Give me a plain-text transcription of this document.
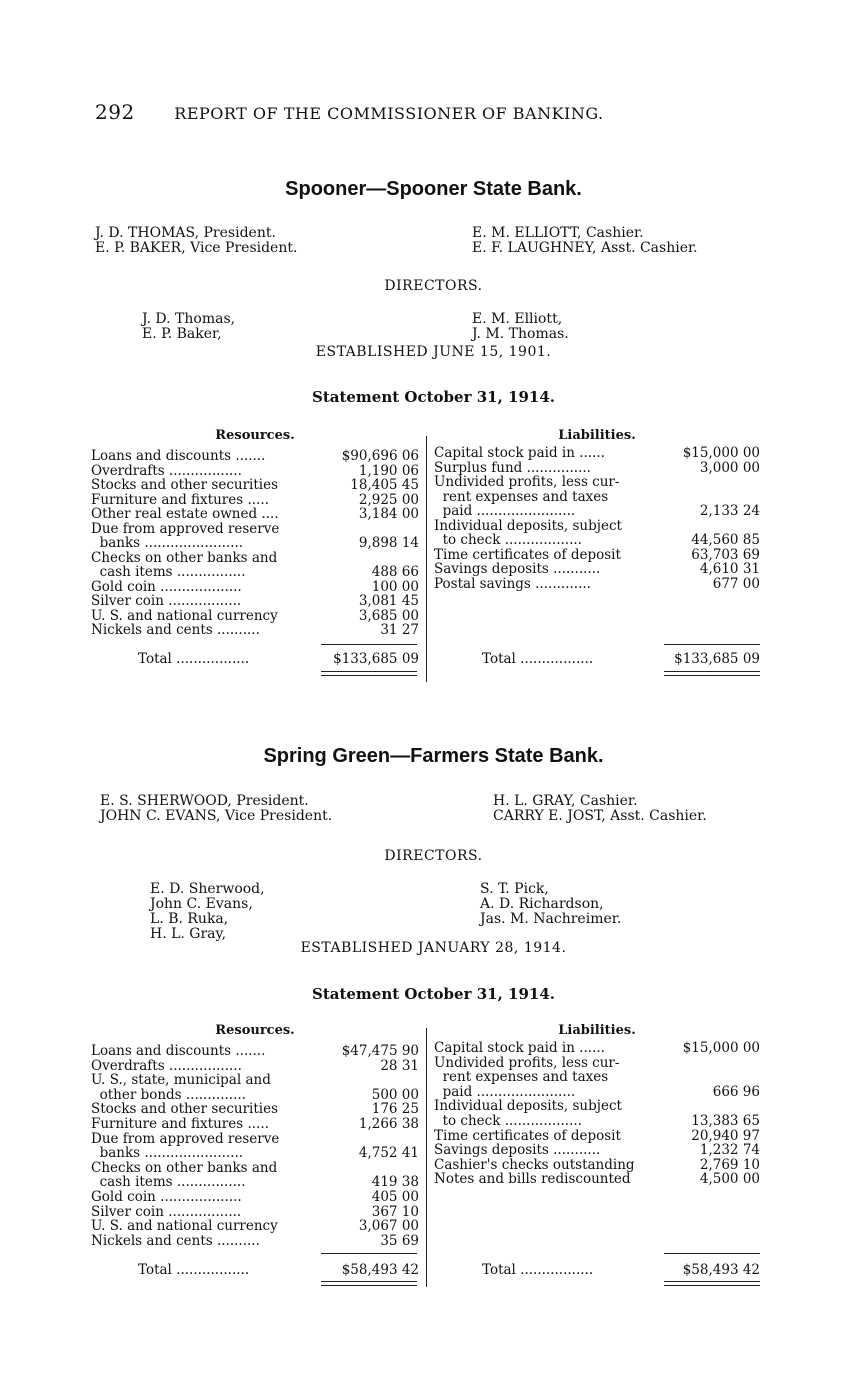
292 REPORT OF THE COMMISSIONER OF BANKING.
Spooner—Spooner State Bank.
J. D. THOMAS, President.
E. P. BAKER, Vice President.
E. M. ELLIOTT, Cashier.
E. F. LAUGHNEY, Asst. Cashier.
DIRECTORS.
J. D. Thomas,
E. P. Baker,
E. M. Elliott,
J. M. Thomas.
ESTABLISHED JUNE 15, 1901.
Statement October 31, 1914.
Resources.	Liabilities.
Loans and discounts .......	$90,696 06
Overdrafts .................	1,190 06
Stocks and other securities	18,405 45
Furniture and fixtures .....	2,925 00
Other real estate owned ....	3,184 00
Due from approved reserve
banks .......................	9,898 14
Checks on other banks and
cash items ................	488 66
Gold coin ...................	100 00
Silver coin .................	3,081 45
U. S. and national currency	3,685 00
Nickels and cents ..........	31 27
Capital stock paid in ......	$15,000 00
Surplus fund ...............	3,000 00
Undivided profits, less cur-
rent expenses and taxes
paid .......................	2,133 24
Individual deposits, subject
to check ..................	44,560 85
Time certificates of deposit	63,703 69
Savings deposits ...........	4,610 31
Postal savings .............	677 00
Total .................	$133,685 09	Total .................	$133,685 09
Spring Green—Farmers State Bank.
E. S. SHERWOOD, President.
JOHN C. EVANS, Vice President.
H. L. GRAY, Cashier.
CARRY E. JOST, Asst. Cashier.
DIRECTORS.
E. D. Sherwood,
John C. Evans,
L. B. Ruka,
H. L. Gray,
S. T. Pick,
A. D. Richardson,
Jas. M. Nachreimer.
ESTABLISHED JANUARY 28, 1914.
Statement October 31, 1914.
Resources.	Liabilities.
Loans and discounts .......	$47,475 90
Overdrafts .................	28 31
U. S., state, municipal and
other bonds ..............	500 00
Stocks and other securities	176 25
Furniture and fixtures .....	1,266 38
Due from approved reserve
banks .......................	4,752 41
Checks on other banks and
cash items ................	419 38
Gold coin ...................	405 00
Silver coin .................	367 10
U. S. and national currency	3,067 00
Nickels and cents ..........	35 69
Capital stock paid in ......	$15,000 00
Undivided profits, less cur-
rent expenses and taxes
paid .......................	666 96
Individual deposits, subject
to check ..................	13,383 65
Time certificates of deposit	20,940 97
Savings deposits ...........	1,232 74
Cashier's checks outstanding	2,769 10
Notes and bills rediscounted	4,500 00
Total .................	$58,493 42	Total .................	$58,493 42
